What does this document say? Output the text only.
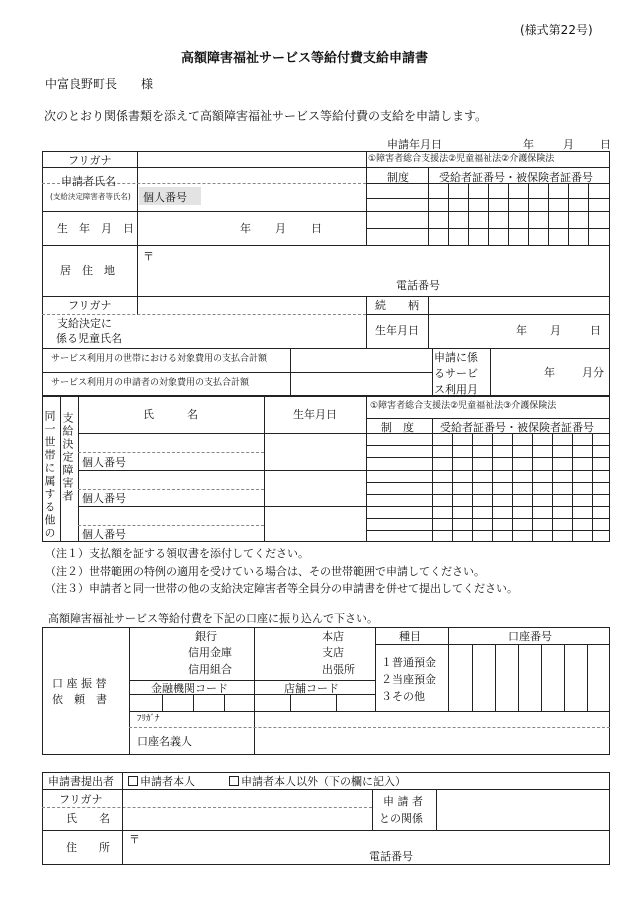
(様式第22号)
高額障害福祉サービス等給付費支給申請書
中富良野町長　　様
次のとおり関係書類を添えて高額障害福祉サービス等給付費の支給を申請します。
申請年月日	年	月 日
フリガナ
申請者氏名
(支給決定障害者等氏名) 個人番号
①障害者総合支援法②児童福祉法②介護保険法
制度	受給者証番号・被保険者証番号
生　年　月　日	年 月 日
居　住　地
〒
電話番号
フリガナ	続　　柄
支給決定に
係る児童氏名
生年月日	年 月	日
サービス利用月の世帯における対象費用の支払合計額
サービス利用月の申請者の対象費用の支払合計額
申請に係
るサービ
ス利用月
年 月分
同一世帯に属する他の 支給決定障害者	氏　　　名	生年月日
①障害者総合支援法②児童福祉法③介護保険法
制　度 受給者証番号・被保険者証番号
個人番号
個人番号
個人番号
（注１）支払額を証する領収書を添付してください。
（注２）世帯範囲の特例の適用を受けている場合は、その世帯範囲で申請してください。
（注３）申請者と同一世帯の他の支給決定障害者等全員分の申請書を併せて提出してください。
高額障害福祉サービス等給付費を下記の口座に振り込んで下さい。
口 座 振 替
依　頼　書
銀行
信用金庫
信用組合
本店
支店
出張所
金融機関コード	店舗コード
種目	口座番号
１普通預金
２当座預金
３その他
ﾌﾘｶﾞﾅ
口座名義人
申請書提出者	申請者本人	申請者本人以外（下の欄に記入）
フリガナ
氏　　名
申 請 者
との関係
住　　所
〒
電話番号
